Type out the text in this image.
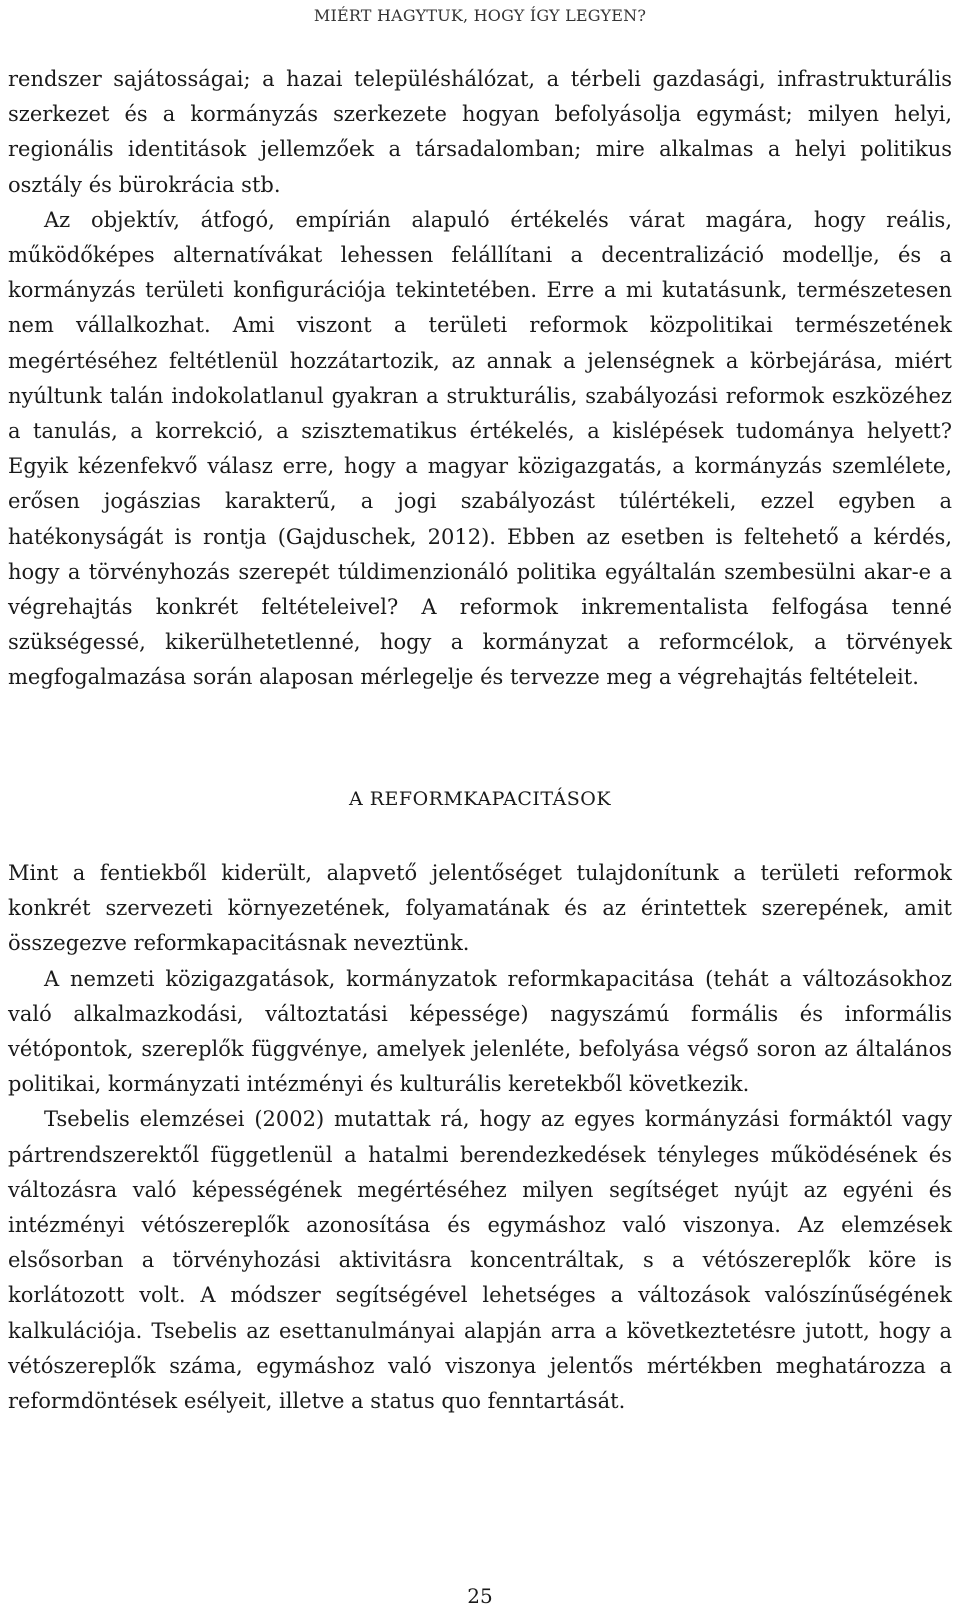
MIÉRT HAGYTUK, HOGY ÍGY LEGYEN?

rendszer sajátosságai; a hazai településhálózat, a térbeli gazdasági, infrastrukturális szerkezet és a kormányzás szerkezete hogyan befolyásolja egymást; milyen helyi, regionális identitások jellemzőek a társadalomban; mire alkalmas a helyi politikus osztály és bürokrácia stb.

Az objektív, átfogó, empírián alapuló értékelés várat magára, hogy reális, működőképes alternatívákat lehessen felállítani a decentralizáció modellje, és a kormányzás területi konfigurációja tekintetében. Erre a mi kutatásunk, természetesen nem vállalkozhat. Ami viszont a területi reformok közpolitikai természetének megértéséhez feltétlenül hozzátartozik, az annak a jelenségnek a körbejárása, miért nyúltunk talán indokolatlanul gyakran a strukturális, szabályozási reformok eszközéhez a tanulás, a korrekció, a szisztematikus értékelés, a kislépések tudománya helyett? Egyik kézenfekvő válasz erre, hogy a magyar közigazgatás, a kormányzás szemlélete, erősen jogászias karakterű, a jogi szabályozást túlértékeli, ezzel egyben a hatékonyságát is rontja (Gajduschek, 2012). Ebben az esetben is feltehető a kérdés, hogy a törvényhozás szerepét túldimenzionáló politika egyáltalán szembesülni akar-e a végrehajtás konkrét feltételeivel? A reformok inkrementalista felfogása tenné szükségessé, kikerülhetetlenné, hogy a kormányzat a reformcélok, a törvények megfogalmazása során alaposan mérlegelje és tervezze meg a végrehajtás feltételeit.

A REFORMKAPACITÁSOK

Mint a fentiekből kiderült, alapvető jelentőséget tulajdonítunk a területi reformok konkrét szervezeti környezetének, folyamatának és az érintettek szerepének, amit összegezve reformkapacitásnak neveztünk.

A nemzeti közigazgatások, kormányzatok reformkapacitása (tehát a változásokhoz való alkalmazkodási, változtatási képessége) nagyszámú formális és informális vétópontok, szereplők függvénye, amelyek jelenléte, befolyása végső soron az általános politikai, kormányzati intézményi és kulturális keretekből következik.

Tsebelis elemzései (2002) mutattak rá, hogy az egyes kormányzási formáktól vagy pártrendszerektől függetlenül a hatalmi berendezkedések tényleges működésének és változásra való képességének megértéséhez milyen segítséget nyújt az egyéni és intézményi vétószereplők azonosítása és egymáshoz való viszonya. Az elemzések elsősorban a törvényhozási aktivitásra koncentráltak, s a vétószereplők köre is korlátozott volt. A módszer segítségével lehetséges a változások valószínűségének kalkulációja. Tsebelis az esettanulmányai alapján arra a következtetésre jutott, hogy a vétószereplők száma, egymáshoz való viszonya jelentős mértékben meghatározza a reformdöntések esélyeit, illetve a status quo fenntartását.

25
